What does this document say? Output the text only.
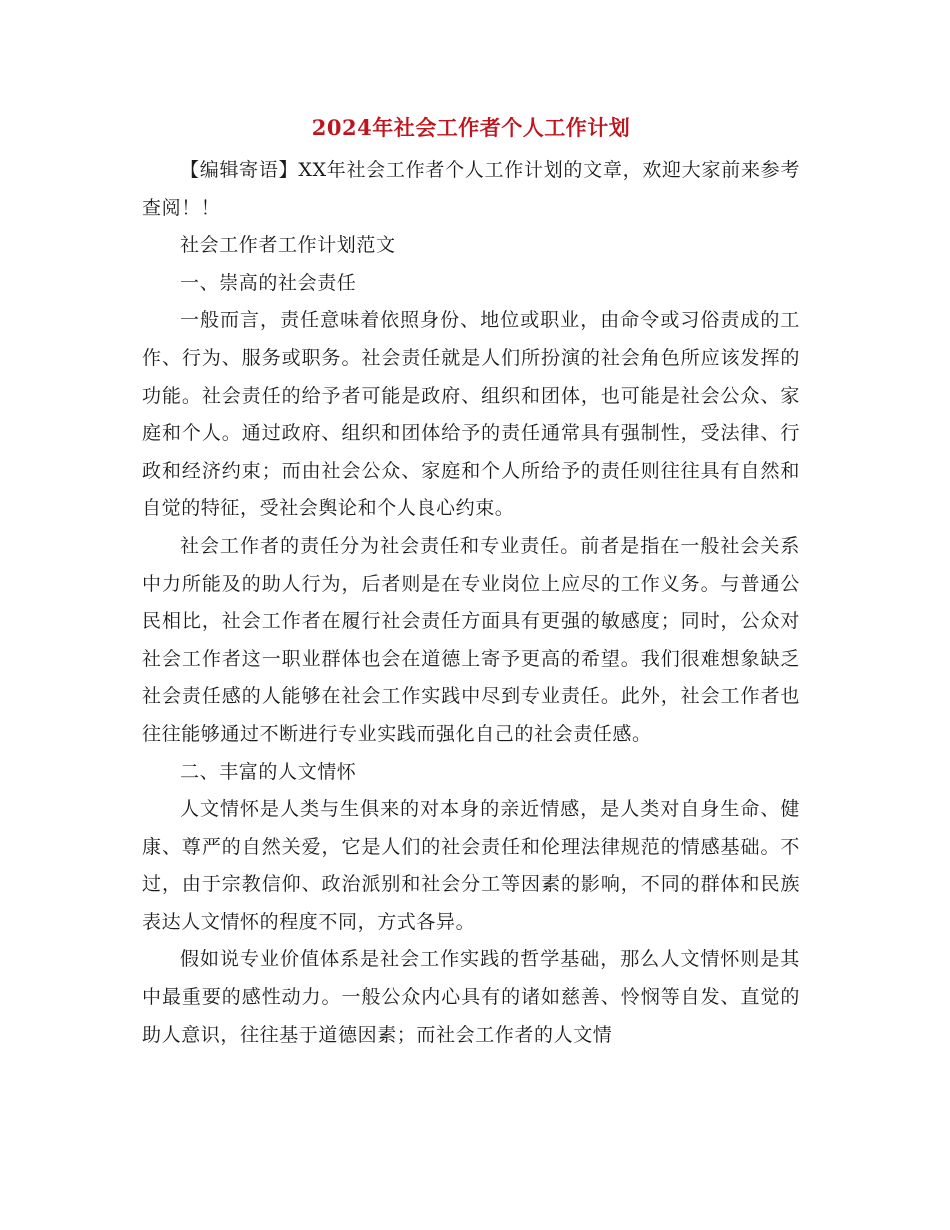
2024年社会工作者个人工作计划

【编辑寄语】XX年社会工作者个人工作计划的文章，欢迎大家前来参考查阅！！

社会工作者工作计划范文

一、崇高的社会责任

一般而言，责任意味着依照身份、地位或职业，由命令或习俗责成的工作、行为、服务或职务。社会责任就是人们所扮演的社会角色所应该发挥的功能。社会责任的给予者可能是政府、组织和团体，也可能是社会公众、家庭和个人。通过政府、组织和团体给予的责任通常具有强制性，受法律、行政和经济约束；而由社会公众、家庭和个人所给予的责任则往往具有自然和自觉的特征，受社会舆论和个人良心约束。

社会工作者的责任分为社会责任和专业责任。前者是指在一般社会关系中力所能及的助人行为，后者则是在专业岗位上应尽的工作义务。与普通公民相比，社会工作者在履行社会责任方面具有更强的敏感度；同时，公众对社会工作者这一职业群体也会在道德上寄予更高的希望。我们很难想象缺乏社会责任感的人能够在社会工作实践中尽到专业责任。此外，社会工作者也往往能够通过不断进行专业实践而强化自己的社会责任感。

二、丰富的人文情怀

人文情怀是人类与生俱来的对本身的亲近情感，是人类对自身生命、健康、尊严的自然关爱，它是人们的社会责任和伦理法律规范的情感基础。不过，由于宗教信仰、政治派别和社会分工等因素的影响，不同的群体和民族表达人文情怀的程度不同，方式各异。

假如说专业价值体系是社会工作实践的哲学基础，那么人文情怀则是其中最重要的感性动力。一般公众内心具有的诸如慈善、怜悯等自发、直觉的助人意识，往往基于道德因素；而社会工作者的人文情
